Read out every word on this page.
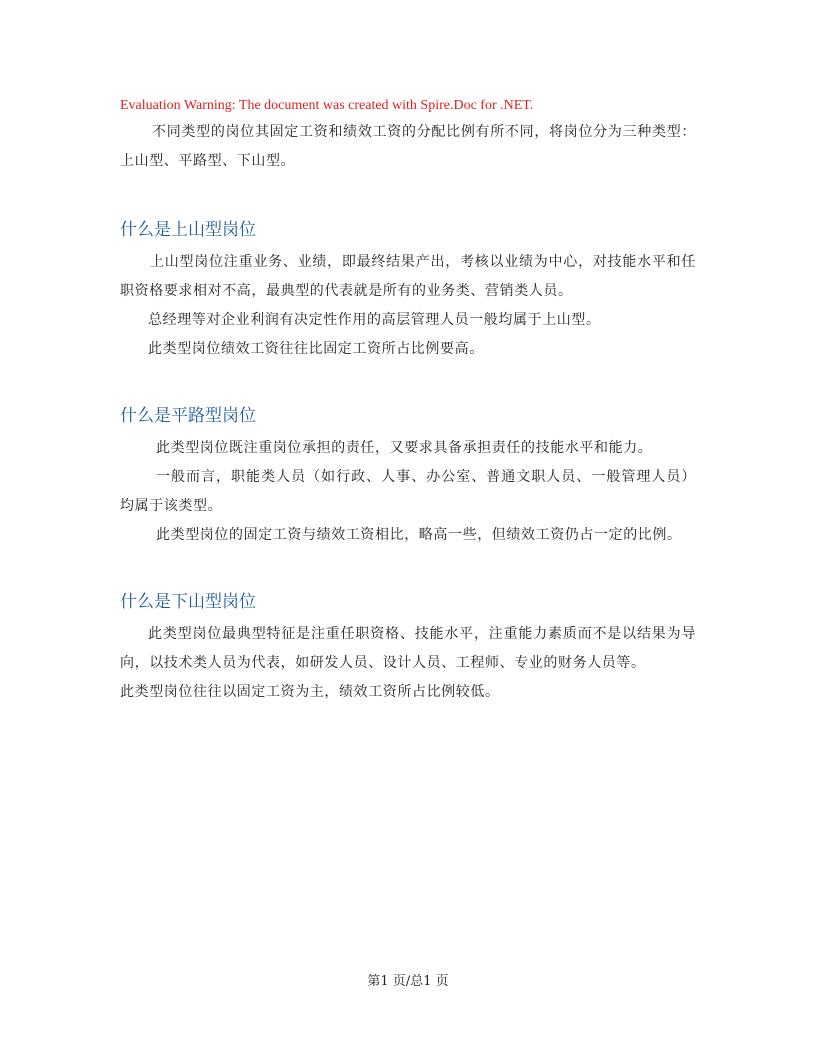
Evaluation Warning: The document was created with Spire.Doc for .NET.

不同类型的岗位其固定工资和绩效工资的分配比例有所不同，将岗位分为三种类型：上山型、平路型、下山型。

什么是上山型岗位

上山型岗位注重业务、业绩，即最终结果产出，考核以业绩为中心，对技能水平和任职资格要求相对不高，最典型的代表就是所有的业务类、营销类人员。

总经理等对企业利润有决定性作用的高层管理人员一般均属于上山型。

此类型岗位绩效工资往往比固定工资所占比例要高。

什么是平路型岗位

此类型岗位既注重岗位承担的责任，又要求具备承担责任的技能水平和能力。

一般而言，职能类人员（如行政、人事、办公室、普通文职人员、一般管理人员）均属于该类型。

此类型岗位的固定工资与绩效工资相比，略高一些，但绩效工资仍占一定的比例。

什么是下山型岗位

此类型岗位最典型特征是注重任职资格、技能水平，注重能力素质而不是以结果为导向，以技术类人员为代表，如研发人员、设计人员、工程师、专业的财务人员等。

此类型岗位往往以固定工资为主，绩效工资所占比例较低。

第1 页/总1 页
